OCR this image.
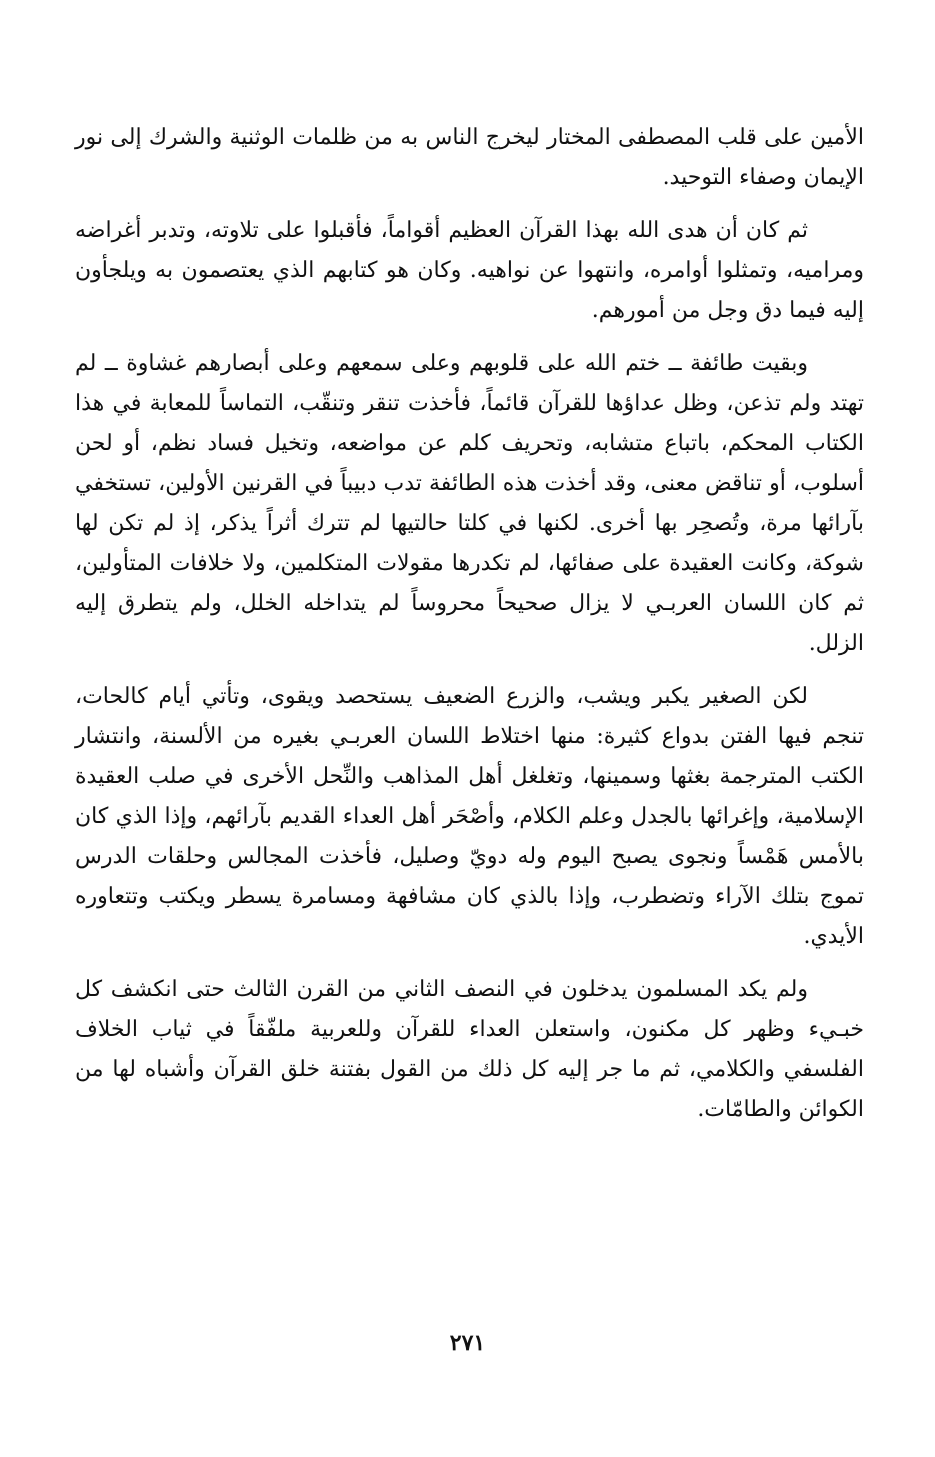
الأمين على قلب المصطفى المختار ليخرج الناس به من ظلمات الوثنية والشرك إلى نور الإيمان وصفاء التوحيد.

ثم كان أن هدى الله بهذا القرآن العظيم أقواماً، فأقبلوا على تلاوته، وتدبر أغراضه ومراميه، وتمثلوا أوامره، وانتهوا عن نواهيه. وكان هو كتابهم الذي يعتصمون به ويلجأون إليه فيما دق وجل من أمورهم.

وبقيت طائفة ــ ختم الله على قلوبهم وعلى سمعهم وعلى أبصارهم غشاوة ــ لم تهتد ولم تذعن، وظل عداؤها للقرآن قائماً، فأخذت تنقر وتنقّب، التماساً للمعابة في هذا الكتاب المحكم، باتباع متشابه، وتحريف كلم عن مواضعه، وتخيل فساد نظم، أو لحن أسلوب، أو تناقض معنى، وقد أخذت هذه الطائفة تدب دبيباً في القرنين الأولين، تستخفي بآرائها مرة، وتُصحِر بها أخرى. لكنها في كلتا حالتيها لم تترك أثراً يذكر، إذ لم تكن لها شوكة، وكانت العقيدة على صفائها، لم تكدرها مقولات المتكلمين، ولا خلافات المتأولين، ثم كان اللسان العربـي لا يزال صحيحاً محروساً لم يتداخله الخلل، ولم يتطرق إليه الزلل.

لكن الصغير يكبر ويشب، والزرع الضعيف يستحصد ويقوى، وتأتي أيام كالحات، تنجم فيها الفتن بدواع كثيرة: منها اختلاط اللسان العربـي بغيره من الألسنة، وانتشار الكتب المترجمة بغثها وسمينها، وتغلغل أهل المذاهب والنِّحل الأخرى في صلب العقيدة الإسلامية، وإغرائها بالجدل وعلم الكلام، وأصْحَر أهل العداء القديم بآرائهم، وإذا الذي كان بالأمس هَمْساً ونجوى يصبح اليوم وله دويّ وصليل، فأخذت المجالس وحلقات الدرس تموج بتلك الآراء وتضطرب، وإذا بالذي كان مشافهة ومسامرة يسطر ويكتب وتتعاوره الأيدي.

ولم يكد المسلمون يدخلون في النصف الثاني من القرن الثالث حتى انكشف كل خبـيء وظهر كل مكنون، واستعلن العداء للقرآن وللعربية ملفّقاً في ثياب الخلاف الفلسفي والكلامي، ثم ما جر إليه كل ذلك من القول بفتنة خلق القرآن وأشباه لها من الكوائن والطامّات.

٢٧١
